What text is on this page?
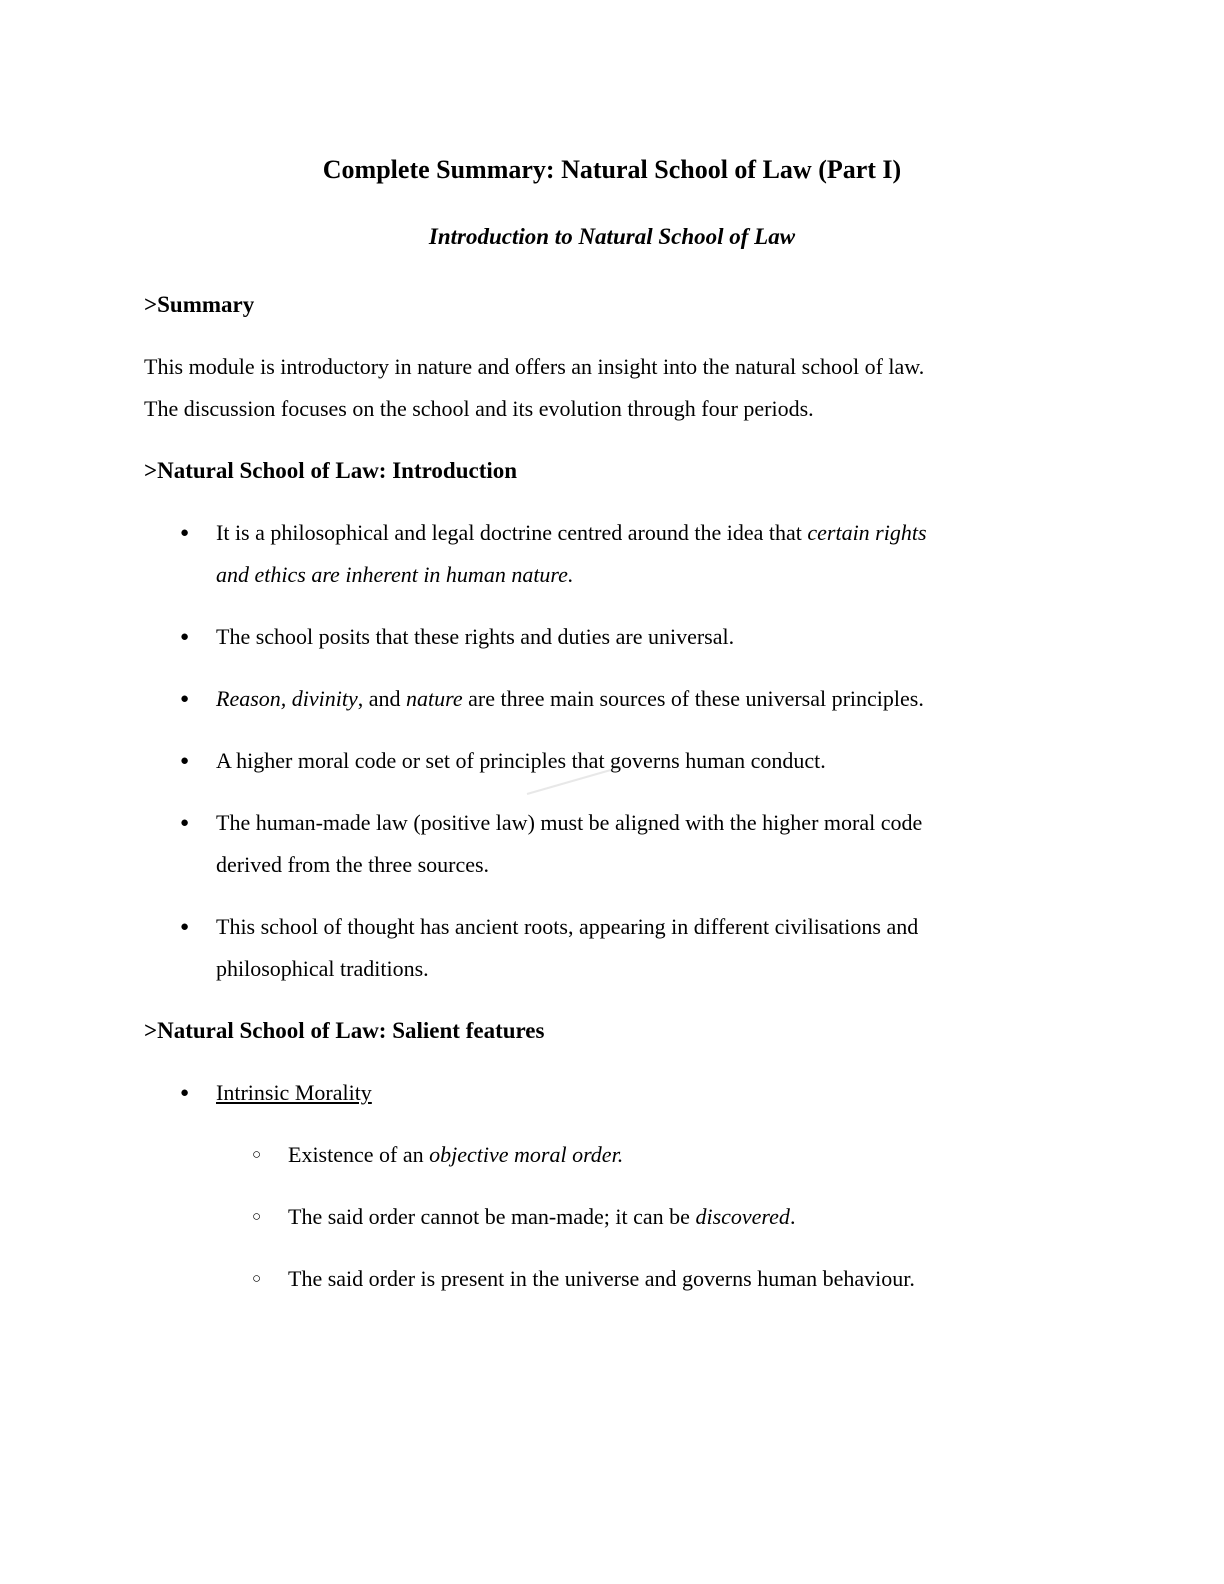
Complete Summary: Natural School of Law (Part I)
Introduction to Natural School of Law
>Summary
This module is introductory in nature and offers an insight into the natural school of law.
The discussion focuses on the school and its evolution through four periods.
>Natural School of Law: Introduction
●	It is a philosophical and legal doctrine centred around the idea that certain rights
and ethics are inherent in human nature.
●	The school posits that these rights and duties are universal.
●	Reason, divinity, and nature are three main sources of these universal principles.
●	A higher moral code or set of principles that governs human conduct.
●	The human-made law (positive law) must be aligned with the higher moral code
derived from the three sources.
●	This school of thought has ancient roots, appearing in different civilisations and
philosophical traditions.
>Natural School of Law: Salient features
●	Intrinsic Morality
○	Existence of an objective moral order.
○	The said order cannot be man-made; it can be discovered.
○	The said order is present in the universe and governs human behaviour.
